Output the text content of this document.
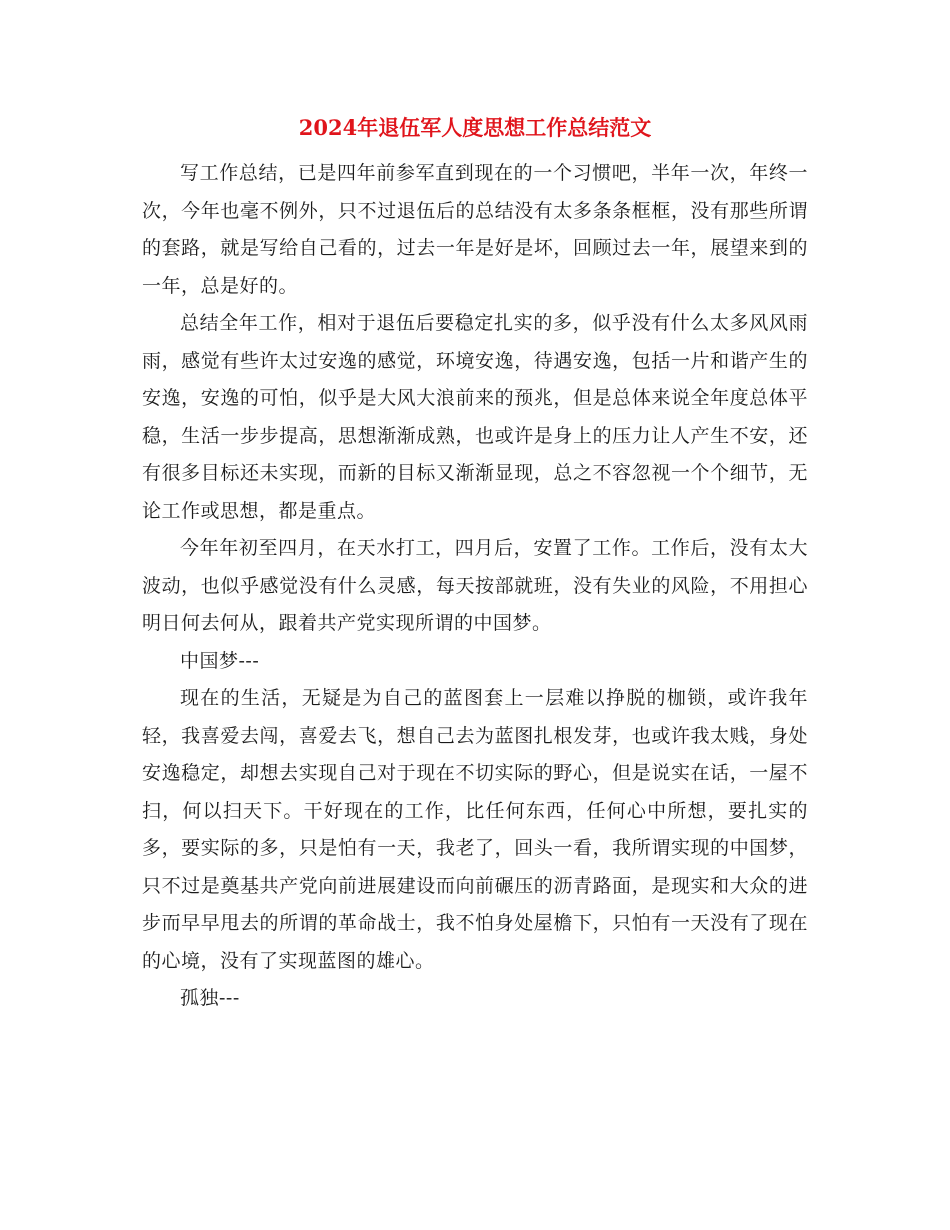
2024年退伍军人度思想工作总结范文

写工作总结，已是四年前参军直到现在的一个习惯吧，半年一次，年终一次，今年也毫不例外，只不过退伍后的总结没有太多条条框框，没有那些所谓的套路，就是写给自己看的，过去一年是好是坏，回顾过去一年，展望来到的一年，总是好的。

总结全年工作，相对于退伍后要稳定扎实的多，似乎没有什么太多风风雨雨，感觉有些许太过安逸的感觉，环境安逸，待遇安逸，包括一片和谐产生的安逸，安逸的可怕，似乎是大风大浪前来的预兆，但是总体来说全年度总体平稳，生活一步步提高，思想渐渐成熟，也或许是身上的压力让人产生不安，还有很多目标还未实现，而新的目标又渐渐显现，总之不容忽视一个个细节，无论工作或思想，都是重点。

今年年初至四月，在天水打工，四月后，安置了工作。工作后，没有太大波动，也似乎感觉没有什么灵感，每天按部就班，没有失业的风险，不用担心明日何去何从，跟着共产党实现所谓的中国梦。

中国梦---

现在的生活，无疑是为自己的蓝图套上一层难以挣脱的枷锁，或许我年轻，我喜爱去闯，喜爱去飞，想自己去为蓝图扎根发芽，也或许我太贱，身处安逸稳定，却想去实现自己对于现在不切实际的野心，但是说实在话，一屋不扫，何以扫天下。干好现在的工作，比任何东西，任何心中所想，要扎实的多，要实际的多，只是怕有一天，我老了，回头一看，我所谓实现的中国梦，只不过是奠基共产党向前进展建设而向前碾压的沥青路面，是现实和大众的进步而早早甩去的所谓的革命战士，我不怕身处屋檐下，只怕有一天没有了现在的心境，没有了实现蓝图的雄心。

孤独---
